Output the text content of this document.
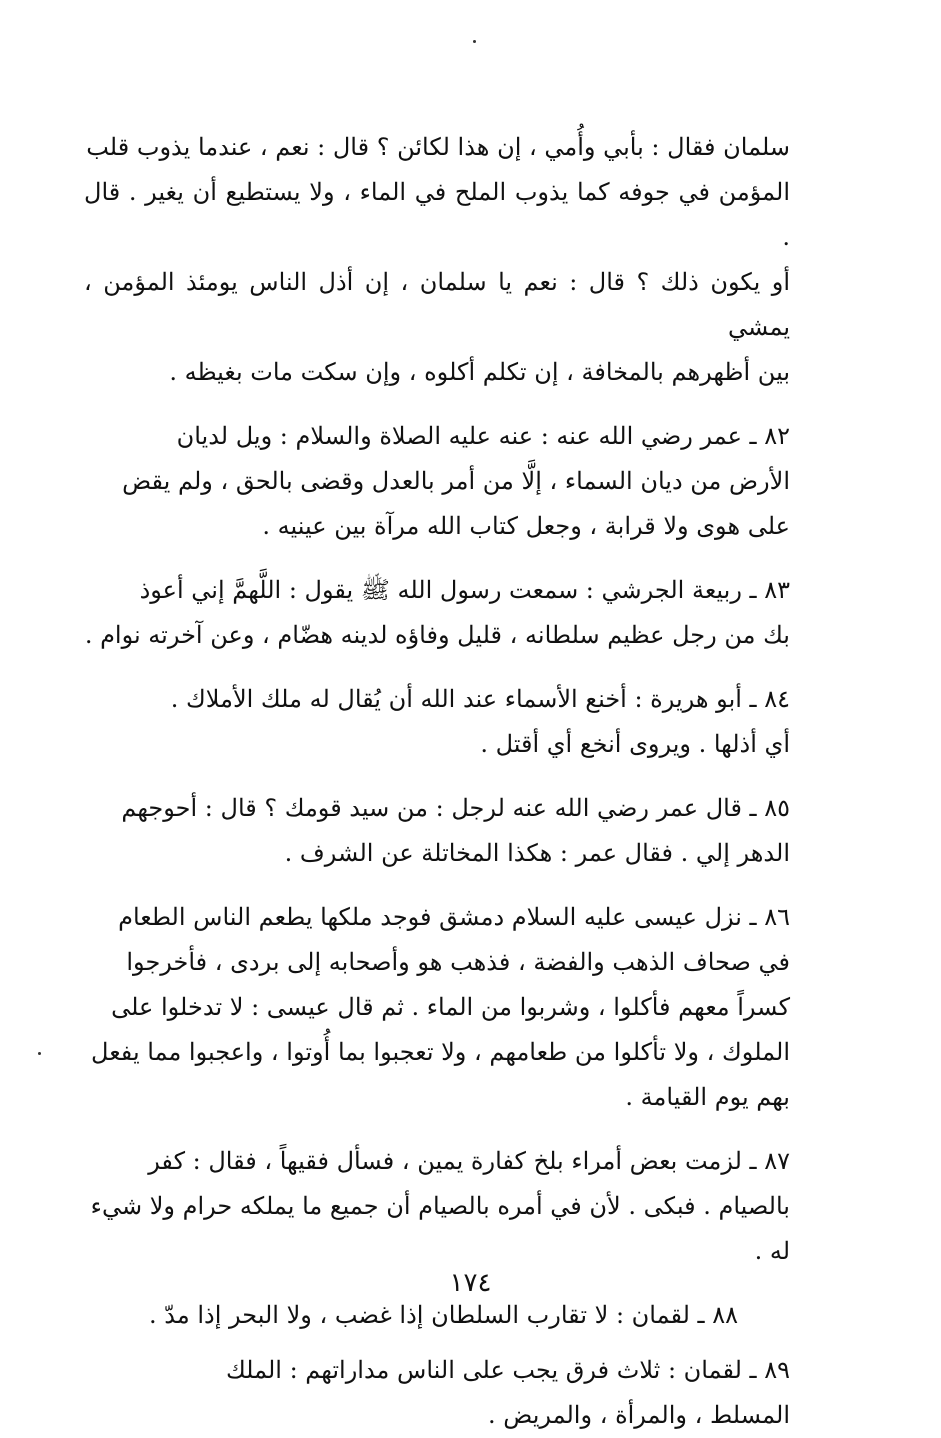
سلمان فقال : بأبي وأُمي ، إن هذا لكائن ؟ قال : نعم ، عندما يذوب قلب
المؤمن في جوفه كما يذوب الملح في الماء ، ولا يستطيع أن يغير . قال .
أو يكون ذلك ؟ قال : نعم يا سلمان ، إن أذل الناس يومئذ المؤمن ، يمشي
بين أظهرهم بالمخافة ، إن تكلم أكلوه ، وإن سكت مات بغيظه .
٨٢ ـ عمر رضي الله عنه : عنه عليه الصلاة والسلام : ويل لديان
الأرض من ديان السماء ، إلَّا من أمر بالعدل وقضى بالحق ، ولم يقض
على هوى ولا قرابة ، وجعل كتاب الله مرآة بين عينيه .
٨٣ ـ ربيعة الجرشي : سمعت رسول الله ﷺ يقول : اللَّهمَّ إني أعوذ
بك من رجل عظيم سلطانه ، قليل وفاؤه لدينه هضّام ، وعن آخرته نوام .
٨٤ ـ أبو هريرة : أخنع الأسماء عند الله أن يُقال له ملك الأملاك .
أي أذلها . ويروى أنخع أي أقتل .
٨٥ ـ قال عمر رضي الله عنه لرجل : من سيد قومك ؟ قال : أحوجهم
الدهر إلي . فقال عمر : هكذا المخاتلة عن الشرف .
٨٦ ـ نزل عيسى عليه السلام دمشق فوجد ملكها يطعم الناس الطعام
في صحاف الذهب والفضة ، فذهب هو وأصحابه إلى بردى ، فأخرجوا
كسراً معهم فأكلوا ، وشربوا من الماء . ثم قال عيسى : لا تدخلوا على
الملوك ، ولا تأكلوا من طعامهم ، ولا تعجبوا بما أُوتوا ، واعجبوا مما يفعل
بهم يوم القيامة .
٨٧ ـ لزمت بعض أمراء بلخ كفارة يمين ، فسأل فقيهاً ، فقال : كفر
بالصيام . فبكى . لأن في أمره بالصيام أن جميع ما يملكه حرام ولا شيء
له .
٨٨ ـ لقمان : لا تقارب السلطان إذا غضب ، ولا البحر إذا مدّ .
٨٩ ـ لقمان : ثلاث فرق يجب على الناس مداراتهم : الملك
المسلط ، والمرأة ، والمريض .
١٧٤
